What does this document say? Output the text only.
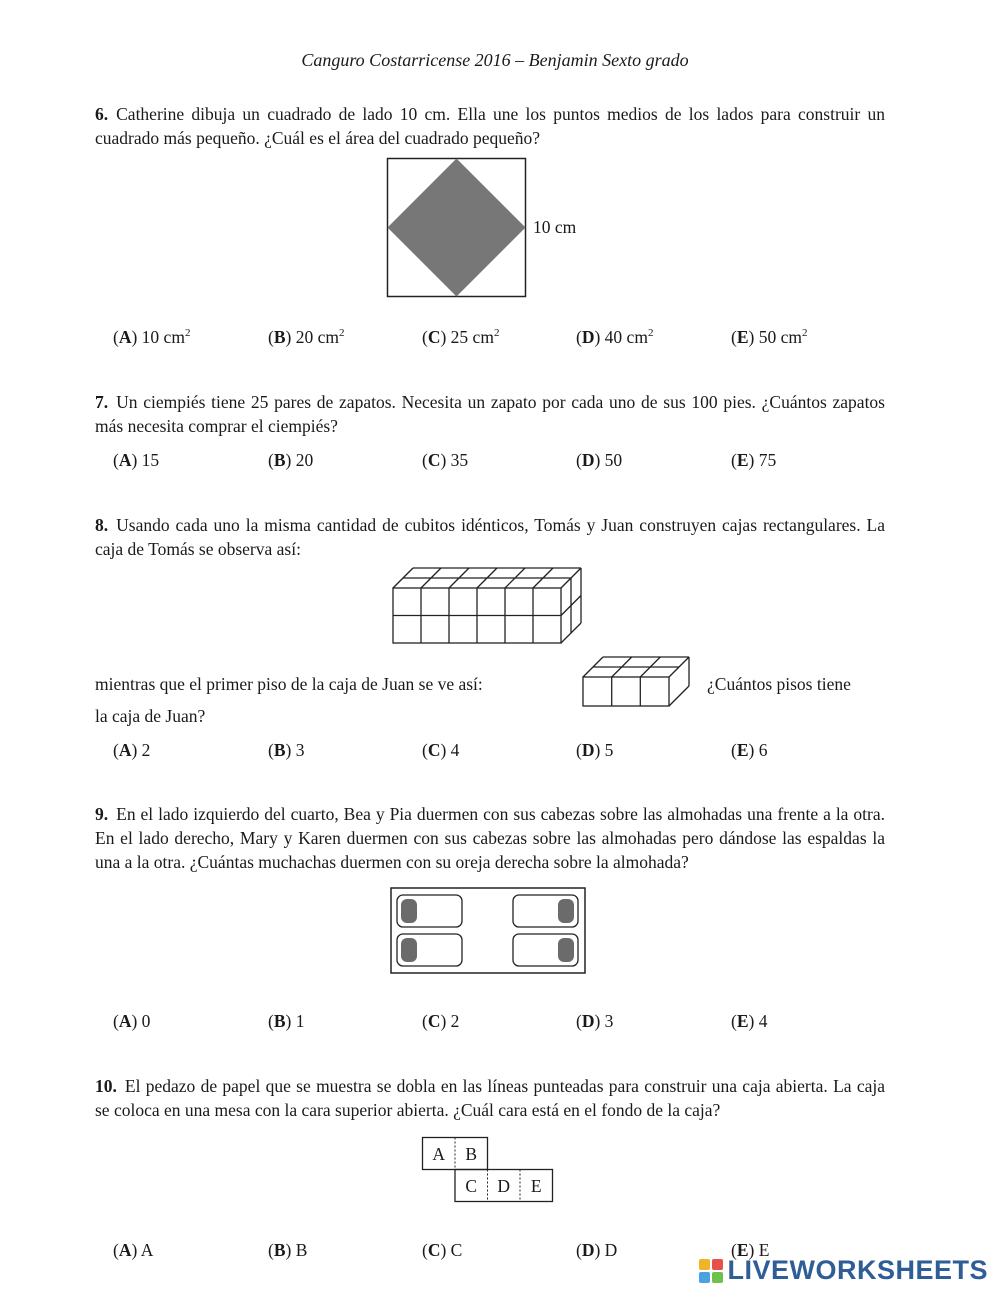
Canguro Costarricense 2016 – Benjamin Sexto grado
6. Catherine dibuja un cuadrado de lado 10 cm. Ella une los puntos medios de los lados para construir un cuadrado más pequeño. ¿Cuál es el área del cuadrado pequeño?
10 cm
(A) 10 $cm^2$	(B) 20 $cm^2$	(C) 25 $cm^2$	(D) 40 $cm^2$	(E) 50 $cm^2$
7. Un ciempiés tiene 25 pares de zapatos. Necesita un zapato por cada uno de sus 100 pies. ¿Cuántos zapatos más necesita comprar el ciempiés?
(A) 15	(B) 20	(C) 35	(D) 50	(E) 75
8. Usando cada uno la misma cantidad de cubitos idénticos, Tomás y Juan construyen cajas rectangulares. La caja de Tomás se observa así:
mientras que el primer piso de la caja de Juan se ve así:	¿Cuántos pisos tiene
la caja de Juan?
(A) 2	(B) 3	(C) 4	(D) 5	(E) 6
9. En el lado izquierdo del cuarto, Bea y Pia duermen con sus cabezas sobre las almohadas una frente a la otra. En el lado derecho, Mary y Karen duermen con sus cabezas sobre las almohadas pero dándose las espaldas la una a la otra. ¿Cuántas muchachas duermen con su oreja derecha sobre la almohada?
(A) 0	(B) 1	(C) 2	(D) 3	(E) 4
10. El pedazo de papel que se muestra se dobla en las líneas punteadas para construir una caja abierta. La caja se coloca en una mesa con la cara superior abierta. ¿Cuál cara está en el fondo de la caja?
A B
C D E
(A) A	(B) B	(C) C	(D) D	(E) E
LIVEWORKSHEETS
